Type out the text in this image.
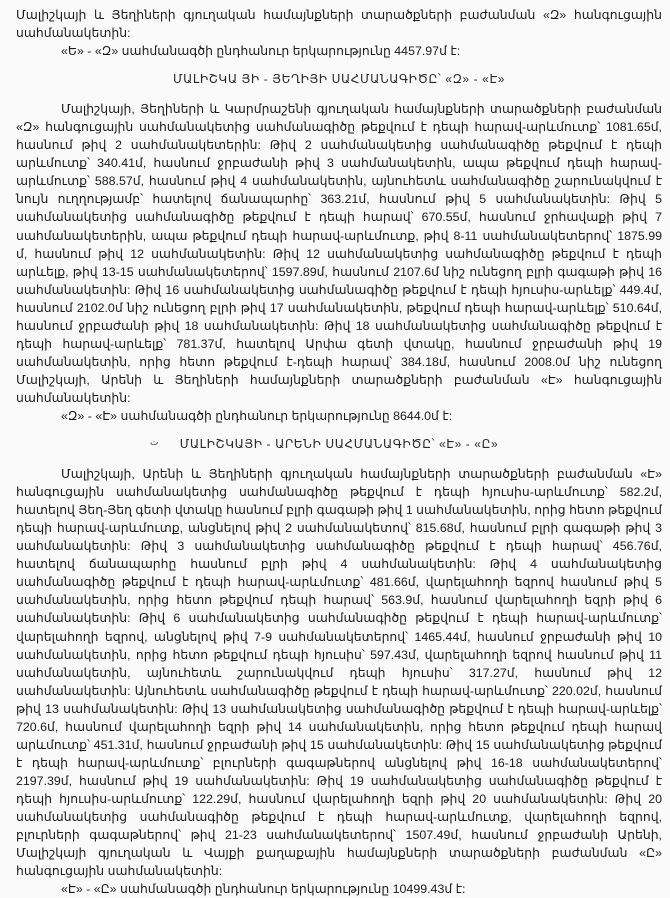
Մալիշկայի և Յեղիների գյուղական համայնքների տարածքների բաժանման «Զ» հանգուցային սահմանակետին:

«Ե» - «Զ» սահմանագծի ընդհանուր երկարությունը 4457.97մ է:

ՄԱԼԻՇԿԱ ՅԻ - ՅԵՂԻՅԻ ՍԱՀՄԱՆԱԳԻԾԸ՝ «Զ» - «Է»

Մալիշկայի, Յեղիների և Կարմրաշենի գյուղական համայնքների տարածքների բաժանման «Զ» հանգուցային սահմանակետից սահմանագիծը թեքվում է դեպի հարավ-արևմուտք՝ 1081.65մ, հասնում թիվ 2 սահմանակետերին: Թիվ 2 սահմանակետից սահմանագիծը թեքվում է դեպի արևմուտք՝ 340.41մ, հասնում ջրբաժանի թիվ 3 սահմանակետին, ապա թեքվում դեպի հարավ-արևմուտք՝ 588.57մ, հասնում թիվ 4 սահմանակետին, այնուհետև սահմանագիծը շարունակվում է նույն ուղղությամբ՝ հատելով ճանապարհը՝ 363.21մ, հասնում թիվ 5 սահմանակետին: Թիվ 5 սահմանակետից սահմանագիծը թեքվում է դեպի հարավ՝ 670.55մ, հասնում ջրհավաքի թիվ 7 սահմանակետերին, ապա թեքվում դեպի հարավ-արևմուտք, թիվ 8-11 սահմանակետերով՝ 1875.99 մ, հասնում թիվ 12 սահմանակետին: Թիվ 12 սահմանակետից սահմանագիծը թեքվում է դեպի արևելք, թիվ 13-15 սահմանակետերով՝ 1597.89մ, հասնում 2107.6մ նիշ ունեցող բլրի գագաթի թիվ 16 սահմանակետին: Թիվ 16 սահմանակետից սահմանագիծը թեքվում է դեպի հյուսիս-արևելք՝ 449.4մ, հասնում 2102.0մ նիշ ունեցող բլրի թիվ 17 սահմանակետին, թեքվում դեպի հարավ-արևելք՝ 510.64մ, հասնում ջրբաժանի թիվ 18 սահմանակետին: Թիվ 18 սահմանակետից սահմանագիծը թեքվում է դեպի հարավ-արևելք՝ 781.37մ, հատելով Արփա գետի վտակը, հասնում ջրբաժանի թիվ 19 սահմանակետին, որից հետո թեքվում է-դեպի հարավ՝ 384.18մ, հասնում 2008.0մ նիշ ունեցող Մալիշկայի, Արենի և Յեղիների համայնքների տարածքների բաժանման «Է» հանգուցային սահմանակետին:

«Զ» - «Է» սահմանագծի ընդհանուր երկարությունը 8644.0մ է:

ت	ՄԱԼԻՇԿԱՅԻ - ԱՐԵՆԻ ՍԱՀՄԱՆԱԳԻԾԸ՝ «Է» - «Ը»

Մալիշկայի, Արենի և Յեղիների գյուղական համայնքների տարածքների բաժանման «Է» հանգուցային սահմանակետից սահմանագիծը թեքվում է դեպի հյուսիս-արևմուտք՝ 582.2մ, հատելով Յեղ-Յեղ գետի վտակը հասնում բլրի գագաթի թիվ 1 սահմանակետին, որից հետո թեքվում դեպի հարավ-արևմուտք, անցնելով թիվ 2 սահմանակետով՝ 815.68մ, հասնում բլրի գագաթի թիվ 3 սահմանակետին: Թիվ 3 սահմանակետից սահմանագիծը թեքվում է դեպի հարավ՝ 456.76մ, հատելով ճանապարհը հասնում բլրի թիվ 4 սահմանակետին: Թիվ 4 սահմանակետից սահմանագիծը թեքվում է դեպի հարավ-արևմուտք՝ 481.66մ, վարելահողի եզրով հասնում թիվ 5 սահմանակետին, որից հետո թեքվում դեպի հարավ՝ 563.9մ, հասնում վարելահողի եզրի թիվ 6 սահմանակետին: Թիվ 6 սահմանակետից սահմանագիծը թեքվում է դեպի հարավ-արևմուտք՝ վարելահողի եզրով, անցնելով թիվ 7-9 սահմանակետերով՝ 1465.44մ, հասնում ջրբաժանի թիվ 10 սահմանակետին, որից հետո թեքվում դեպի հյուսիս՝ 597.43մ, վարելահողի եզրով հասնում թիվ 11 սահմանակետին, այնուհետև շարունակվում դեպի հյուսիս՝ 317.27մ, հասնում թիվ 12 սահմանակետին: Այնուհետև սահմանագիծը թեքվում է դեպի հարավ-արևմուտք՝ 220.02մ, հասնում թիվ 13 սահմանակետին: Թիվ 13 սահմանակետից սահմանագիծը թեքվում է դեպի հարավ-արևելք՝ 720.6մ, հասնում վարելահողի եզրի թիվ 14 սահմանակետին, որից հետո թեքվում դեպի հարավ արևմուտք՝ 451.31մ, հասնում ջրբաժանի թիվ 15 սահմանակետին: Թիվ 15 սահմանակետից թեքվում է դեպի հարավ-արևմուտք՝ բլուրների գագաթներով անցնելով թիվ 16-18 սահմանակետերով՝ 2197.39մ, հասնում թիվ 19 սահմանակետին: Թիվ 19 սահմանակետից սահմանագիծը թեքվում է դեպի հյուսիս-արևմուտք՝ 122.29մ, հասնում վարելահողի եզրի թիվ 20 սահմանակետին: Թիվ 20 սահմանակետից սահմանագիծը թեքվում է դեպի հարավ-արևմուտք, վարելահողի եզրով, բլուրների գագաթներով՝ թիվ 21-23 սահմանակետերով՝ 1507.49մ, հասնում ջրբաժանի Արենի, Մալիշկայի գյուղական և Վայքի քաղաքային համայնքների տարածքների բաժանման «Ը» հանգուցային սահմանակետին:

«Է» - «Ը» սահմանագծի ընդհանուր երկարությունը 10499.43մ է:
